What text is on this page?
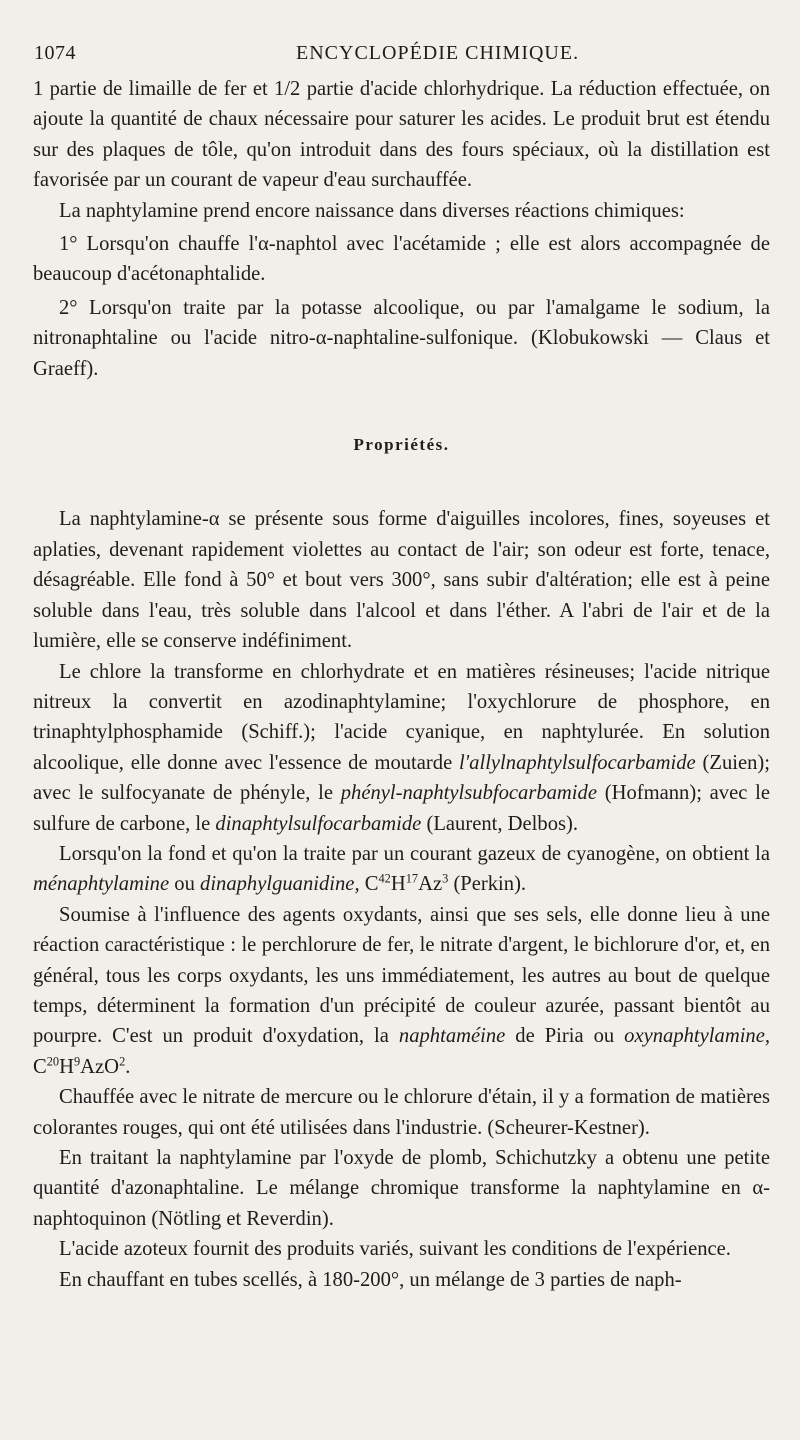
1074	ENCYCLOPÉDIE CHIMIQUE.

1 partie de limaille de fer et 1/2 partie d'acide chlorhydrique. La réduction effectuée, on ajoute la quantité de chaux nécessaire pour saturer les acides. Le produit brut est étendu sur des plaques de tôle, qu'on introduit dans des fours spéciaux, où la distillation est favorisée par un courant de vapeur d'eau surchauffée.

La naphtylamine prend encore naissance dans diverses réactions chimiques:

1° Lorsqu'on chauffe l'α-naphtol avec l'acétamide ; elle est alors accompagnée de beaucoup d'acétonaphtalide.

2° Lorsqu'on traite par la potasse alcoolique, ou par l'amalgame le sodium, la nitronaphtaline ou l'acide nitro-α-naphtaline-sulfonique. (Klobukowski — Claus et Graeff).

Propriétés.

La naphtylamine-α se présente sous forme d'aiguilles incolores, fines, soyeuses et aplaties, devenant rapidement violettes au contact de l'air; son odeur est forte, tenace, désagréable. Elle fond à 50° et bout vers 300°, sans subir d'altération; elle est à peine soluble dans l'eau, très soluble dans l'alcool et dans l'éther. A l'abri de l'air et de la lumière, elle se conserve indéfiniment.

Le chlore la transforme en chlorhydrate et en matières résineuses; l'acide nitrique nitreux la convertit en azodinaphtylamine; l'oxychlorure de phosphore, en trinaphtylphosphamide (Schiff.); l'acide cyanique, en naphtylurée. En solution alcoolique, elle donne avec l'essence de moutarde l'allylnaphtylsulfocarbamide (Zuien); avec le sulfocyanate de phényle, le phényl-naphtylsubfocarbamide (Hofmann); avec le sulfure de carbone, le dinaphtylsulfocarbamide (Laurent, Delbos).

Lorsqu'on la fond et qu'on la traite par un courant gazeux de cyanogène, on obtient la ménaphtylamine ou dinaphylguanidine, $C^{42}H^{17}Az^3$ (Perkin).

Soumise à l'influence des agents oxydants, ainsi que ses sels, elle donne lieu à une réaction caractéristique : le perchlorure de fer, le nitrate d'argent, le bichlorure d'or, et, en général, tous les corps oxydants, les uns immédiatement, les autres au bout de quelque temps, déterminent la formation d'un précipité de couleur azurée, passant bientôt au pourpre. C'est un produit d'oxydation, la naphtaméine de Piria ou oxynaphtylamine, $C^{20}H^9AzO^2$.

Chauffée avec le nitrate de mercure ou le chlorure d'étain, il y a formation de matières colorantes rouges, qui ont été utilisées dans l'industrie. (Scheurer-Kestner).

En traitant la naphtylamine par l'oxyde de plomb, Schichutzky a obtenu une petite quantité d'azonaphtaline. Le mélange chromique transforme la naphtylamine en α-naphtoquinon (Nötling et Reverdin).

L'acide azoteux fournit des produits variés, suivant les conditions de l'expérience.

En chauffant en tubes scellés, à 180-200°, un mélange de 3 parties de naph-
